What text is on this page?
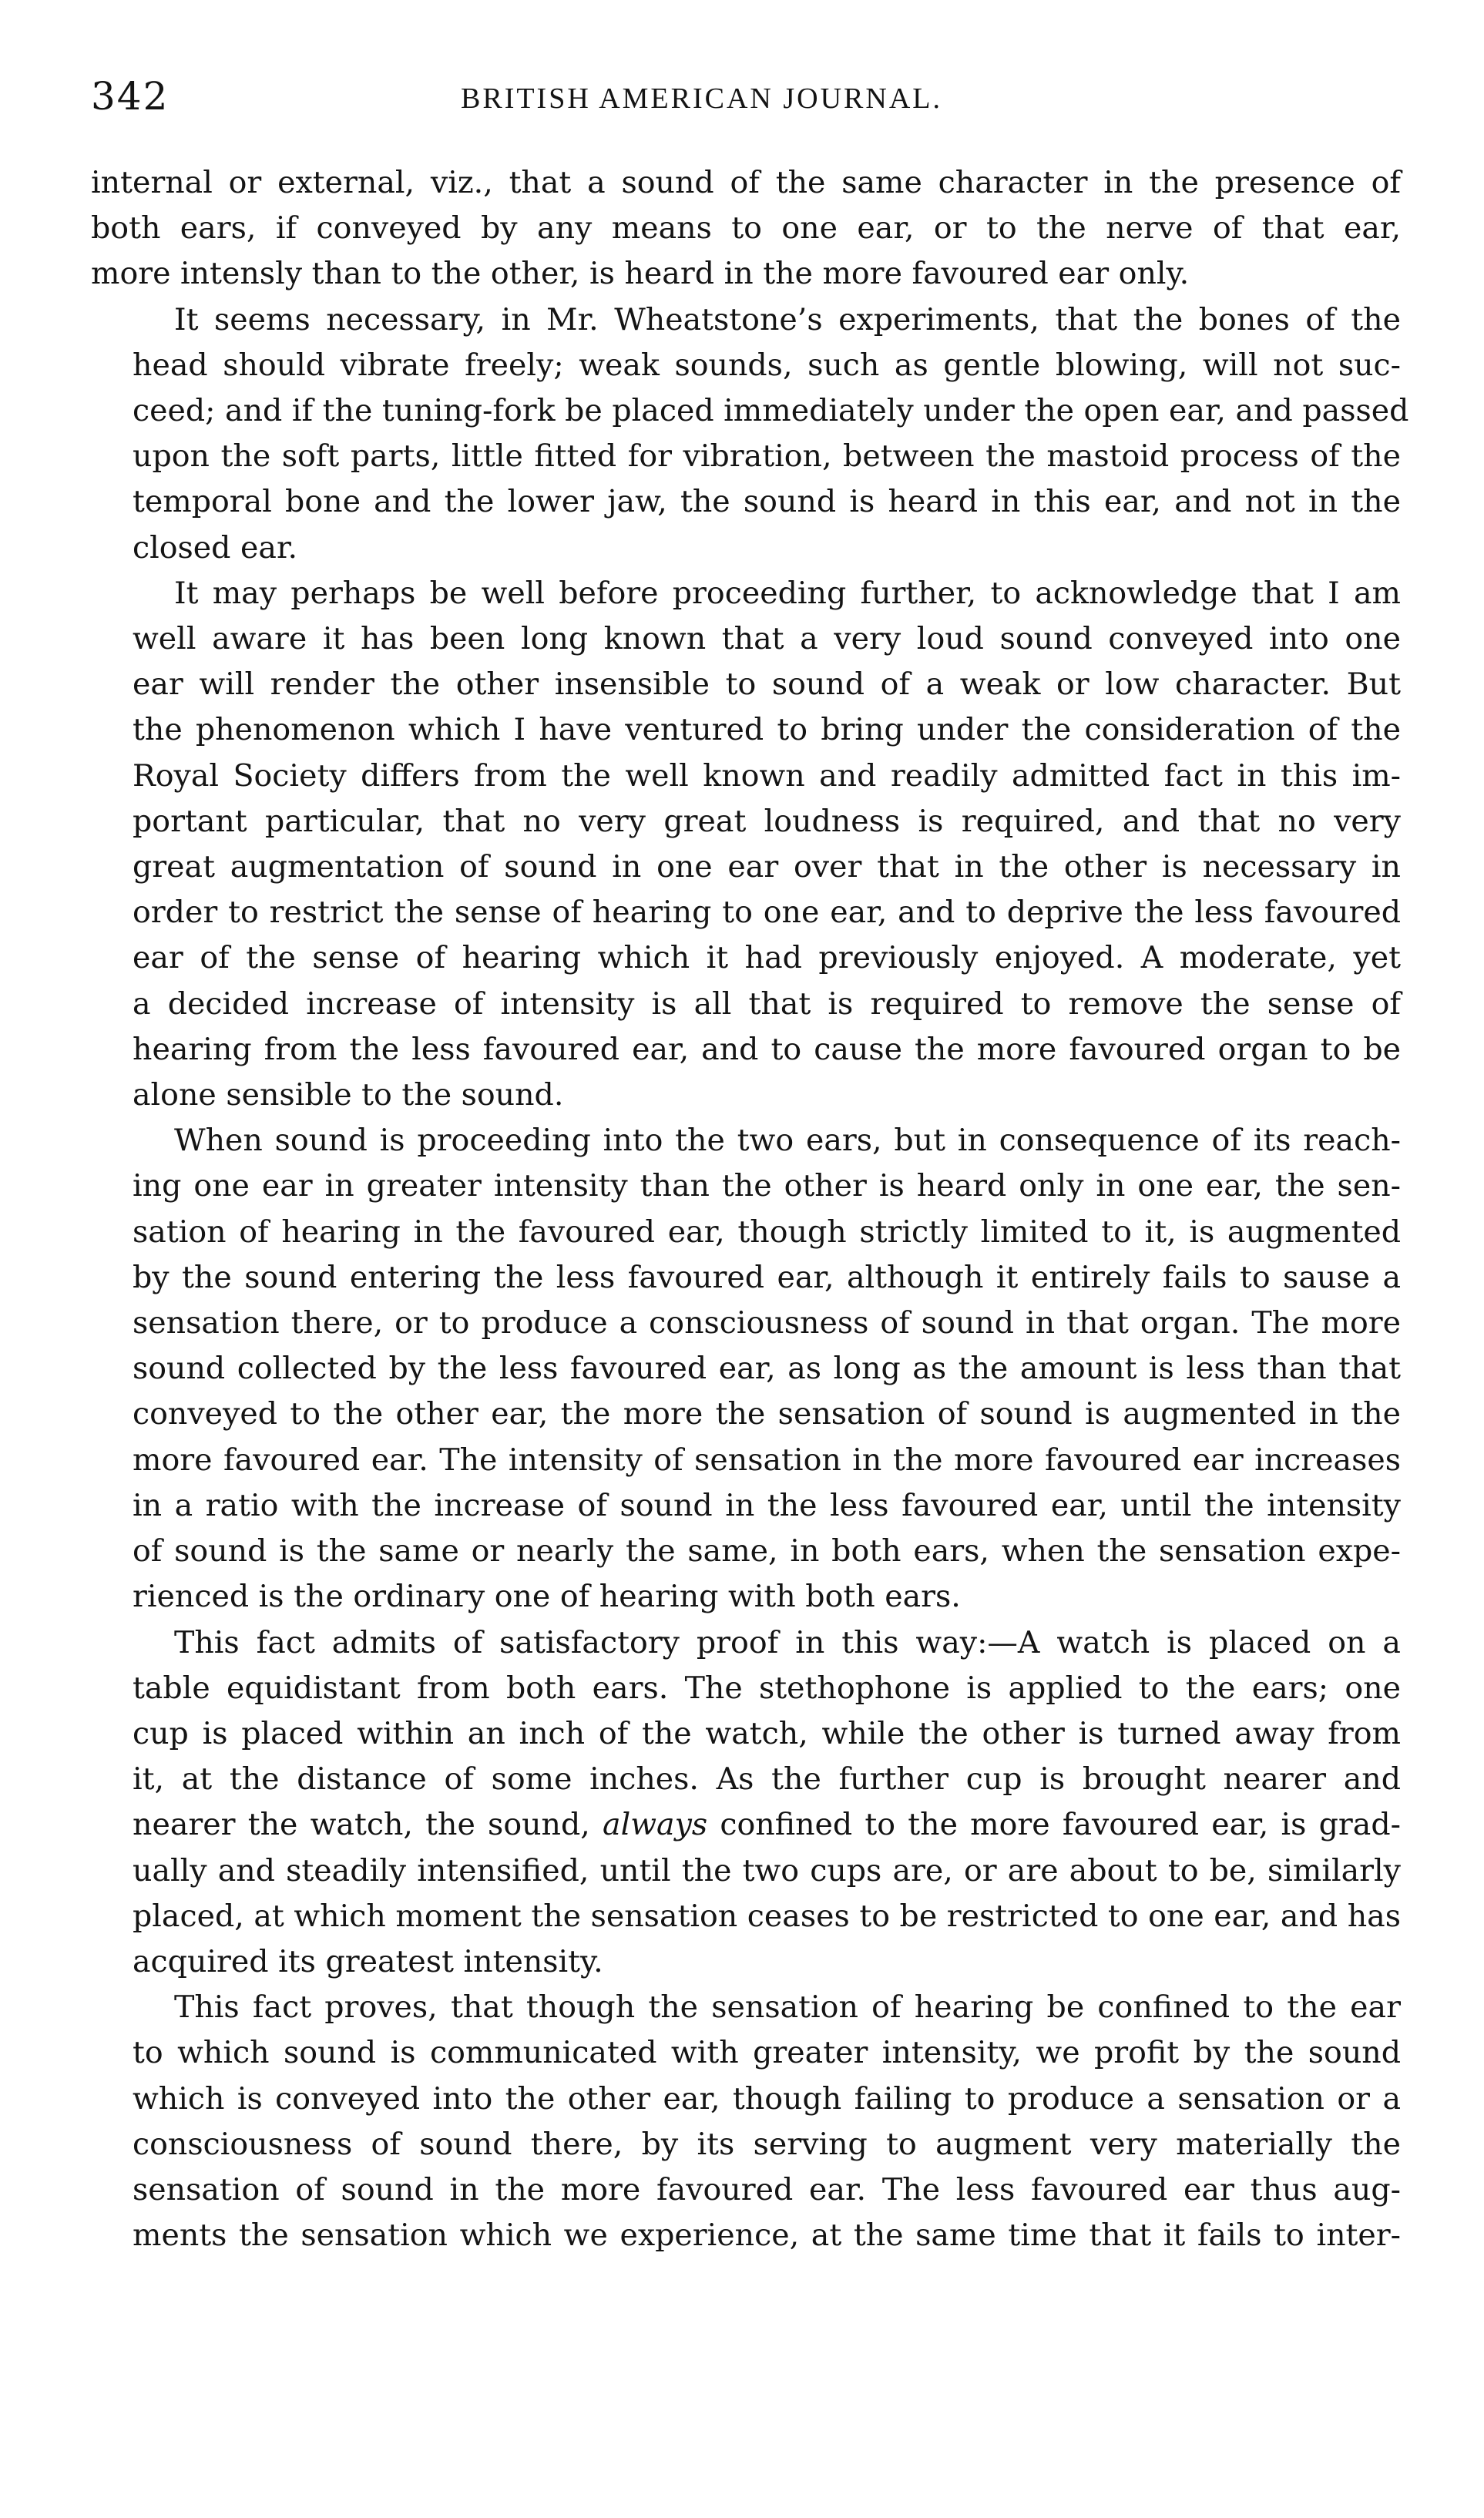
342	BRITISH AMERICAN JOURNAL.
internal or external, viz., that a sound of the same character in the presence of
both ears, if conveyed by any means to one ear, or to the nerve of that ear,
more intensly than to the other, is heard in the more favoured ear only.
It seems necessary, in Mr. Wheatstone’s experiments, that the bones of the
head should vibrate freely; weak sounds, such as gentle blowing, will not suc-
ceed; and if the tuning-fork be placed immediately under the open ear, and passed
upon the soft parts, little fitted for vibration, between the mastoid process of the
temporal bone and the lower jaw, the sound is heard in this ear, and not in the
closed ear.
It may perhaps be well before proceeding further, to acknowledge that I am
well aware it has been long known that a very loud sound conveyed into one
ear will render the other insensible to sound of a weak or low character. But
the phenomenon which I have ventured to bring under the consideration of the
Royal Society differs from the well known and readily admitted fact in this im-
portant particular, that no very great loudness is required, and that no very
great augmentation of sound in one ear over that in the other is necessary in
order to restrict the sense of hearing to one ear, and to deprive the less favoured
ear of the sense of hearing which it had previously enjoyed. A moderate, yet
a decided increase of intensity is all that is required to remove the sense of
hearing from the less favoured ear, and to cause the more favoured organ to be
alone sensible to the sound.
When sound is proceeding into the two ears, but in consequence of its reach-
ing one ear in greater intensity than the other is heard only in one ear, the sen-
sation of hearing in the favoured ear, though strictly limited to it, is augmented
by the sound entering the less favoured ear, although it entirely fails to sause a
sensation there, or to produce a consciousness of sound in that organ. The more
sound collected by the less favoured ear, as long as the amount is less than that
conveyed to the other ear, the more the sensation of sound is augmented in the
more favoured ear. The intensity of sensation in the more favoured ear increases
in a ratio with the increase of sound in the less favoured ear, until the intensity
of sound is the same or nearly the same, in both ears, when the sensation expe-
rienced is the ordinary one of hearing with both ears.
This fact admits of satisfactory proof in this way:—A watch is placed on a
table equidistant from both ears. The stethophone is applied to the ears; one
cup is placed within an inch of the watch, while the other is turned away from
it, at the distance of some inches. As the further cup is brought nearer and
nearer the watch, the sound, always confined to the more favoured ear, is grad-
ually and steadily intensified, until the two cups are, or are about to be, similarly
placed, at which moment the sensation ceases to be restricted to one ear, and has
acquired its greatest intensity.
This fact proves, that though the sensation of hearing be confined to the ear
to which sound is communicated with greater intensity, we profit by the sound
which is conveyed into the other ear, though failing to produce a sensation or a
consciousness of sound there, by its serving to augment very materially the
sensation of sound in the more favoured ear. The less favoured ear thus aug-
ments the sensation which we experience, at the same time that it fails to inter-
